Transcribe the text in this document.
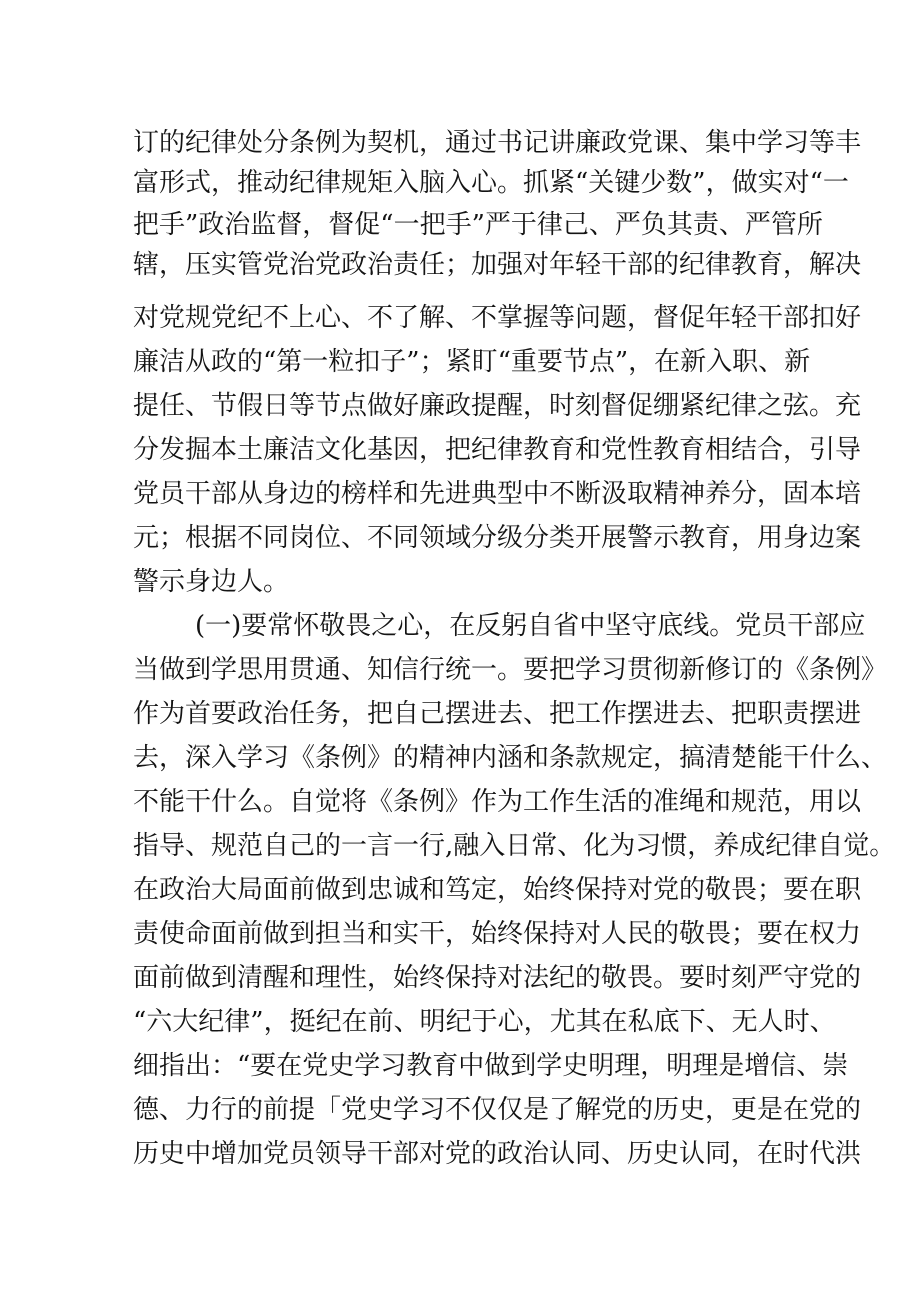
订的纪律处分条例为契机，通过书记讲廉政党课、集中学习等丰
富形式，推动纪律规矩入脑入心。抓紧“关键少数”，做实对“一
把手”政治监督，督促“一把手”严于律己、严负其责、严管所
辖，压实管党治党政治责任；加强对年轻干部的纪律教育，解决
对党规党纪不上心、不了解、不掌握等问题，督促年轻干部扣好
廉洁从政的“第一粒扣子”；紧盯“重要节点”，在新入职、新
提任、节假日等节点做好廉政提醒，时刻督促绷紧纪律之弦。充
分发掘本土廉洁文化基因，把纪律教育和党性教育相结合，引导
党员干部从身边的榜样和先进典型中不断汲取精神养分，固本培
元；根据不同岗位、不同领域分级分类开展警示教育，用身边案
警示身边人。
(一)要常怀敬畏之心，在反躬自省中坚守底线。党员干部应
当做到学思用贯通、知信行统一。要把学习贯彻新修订的《条例》
作为首要政治任务，把自己摆进去、把工作摆进去、把职责摆进
去，深入学习《条例》的精神内涵和条款规定，搞清楚能干什么、
不能干什么。自觉将《条例》作为工作生活的准绳和规范，用以
指导、规范自己的一言一行,融入日常、化为习惯，养成纪律自觉。
在政治大局面前做到忠诚和笃定，始终保持对党的敬畏；要在职
责使命面前做到担当和实干，始终保持对人民的敬畏；要在权力
面前做到清醒和理性，始终保持对法纪的敬畏。要时刻严守党的
“六大纪律”，挺纪在前、明纪于心，尤其在私底下、无人时、
细指出：“要在党史学习教育中做到学史明理，明理是增信、崇
德、力行的前提「党史学习不仅仅是了解党的历史，更是在党的
历史中增加党员领导干部对党的政治认同、历史认同，在时代洪
